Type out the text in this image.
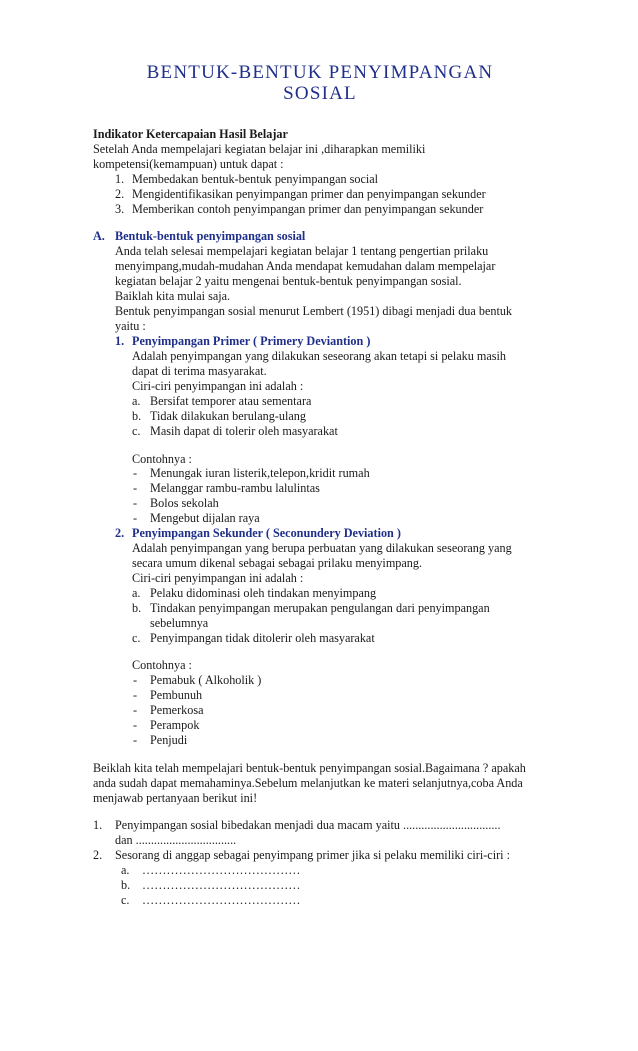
BENTUK-BENTUK PENYIMPANGAN
SOSIAL
Indikator Ketercapaian Hasil Belajar
Setelah Anda mempelajari kegiatan belajar ini ,diharapkan memiliki
kompetensi(kemampuan) untuk dapat :
1. Membedakan bentuk-bentuk penyimpangan social
2. Mengidentifikasikan penyimpangan primer dan penyimpangan sekunder
3. Memberikan contoh penyimpangan primer dan penyimpangan sekunder
A. Bentuk-bentuk penyimpangan sosial
Anda telah selesai mempelajari kegiatan belajar 1 tentang pengertian prilaku
menyimpang,mudah-mudahan Anda mendapat kemudahan dalam mempelajar
kegiatan belajar 2 yaitu mengenai bentuk-bentuk penyimpangan sosial.
Baiklah kita mulai saja.
Bentuk penyimpangan sosial menurut Lembert (1951) dibagi menjadi dua bentuk
yaitu :
1. Penyimpangan Primer ( Primery Deviantion )
Adalah penyimpangan yang dilakukan seseorang akan tetapi si pelaku masih
dapat di terima masyarakat.
Ciri-ciri penyimpangan ini adalah :
a. Bersifat temporer atau sementara
b. Tidak dilakukan berulang-ulang
c. Masih dapat di tolerir oleh masyarakat
Contohnya :
- Menungak iuran listerik,telepon,kridit rumah
- Melanggar rambu-rambu lalulintas
- Bolos sekolah
- Mengebut dijalan raya
2. Penyimpangan Sekunder ( Seconundery Deviation )
Adalah penyimpangan yang berupa perbuatan yang dilakukan seseorang yang
secara umum dikenal sebagai sebagai prilaku menyimpang.
Ciri-ciri penyimpangan ini adalah :
a. Pelaku didominasi oleh tindakan menyimpang
b. Tindakan penyimpangan merupakan pengulangan dari penyimpangan
sebelumnya
c. Penyimpangan tidak ditolerir oleh masyarakat
Contohnya :
- Pemabuk ( Alkoholik )
- Pembunuh
- Pemerkosa
- Perampok
- Penjudi
Beiklah kita telah mempelajari bentuk-bentuk penyimpangan sosial.Bagaimana ? apakah
anda sudah dapat memahaminya.Sebelum melanjutkan ke materi selanjutnya,coba Anda
menjawab pertanyaan berikut ini!
1. Penyimpangan sosial bibedakan menjadi dua macam yaitu ................................
dan .................................
2. Sesorang di anggap sebagai penyimpang primer jika si pelaku memiliki ciri-ciri :
a. …………………………………
b. …………………………………
c. …………………………………
